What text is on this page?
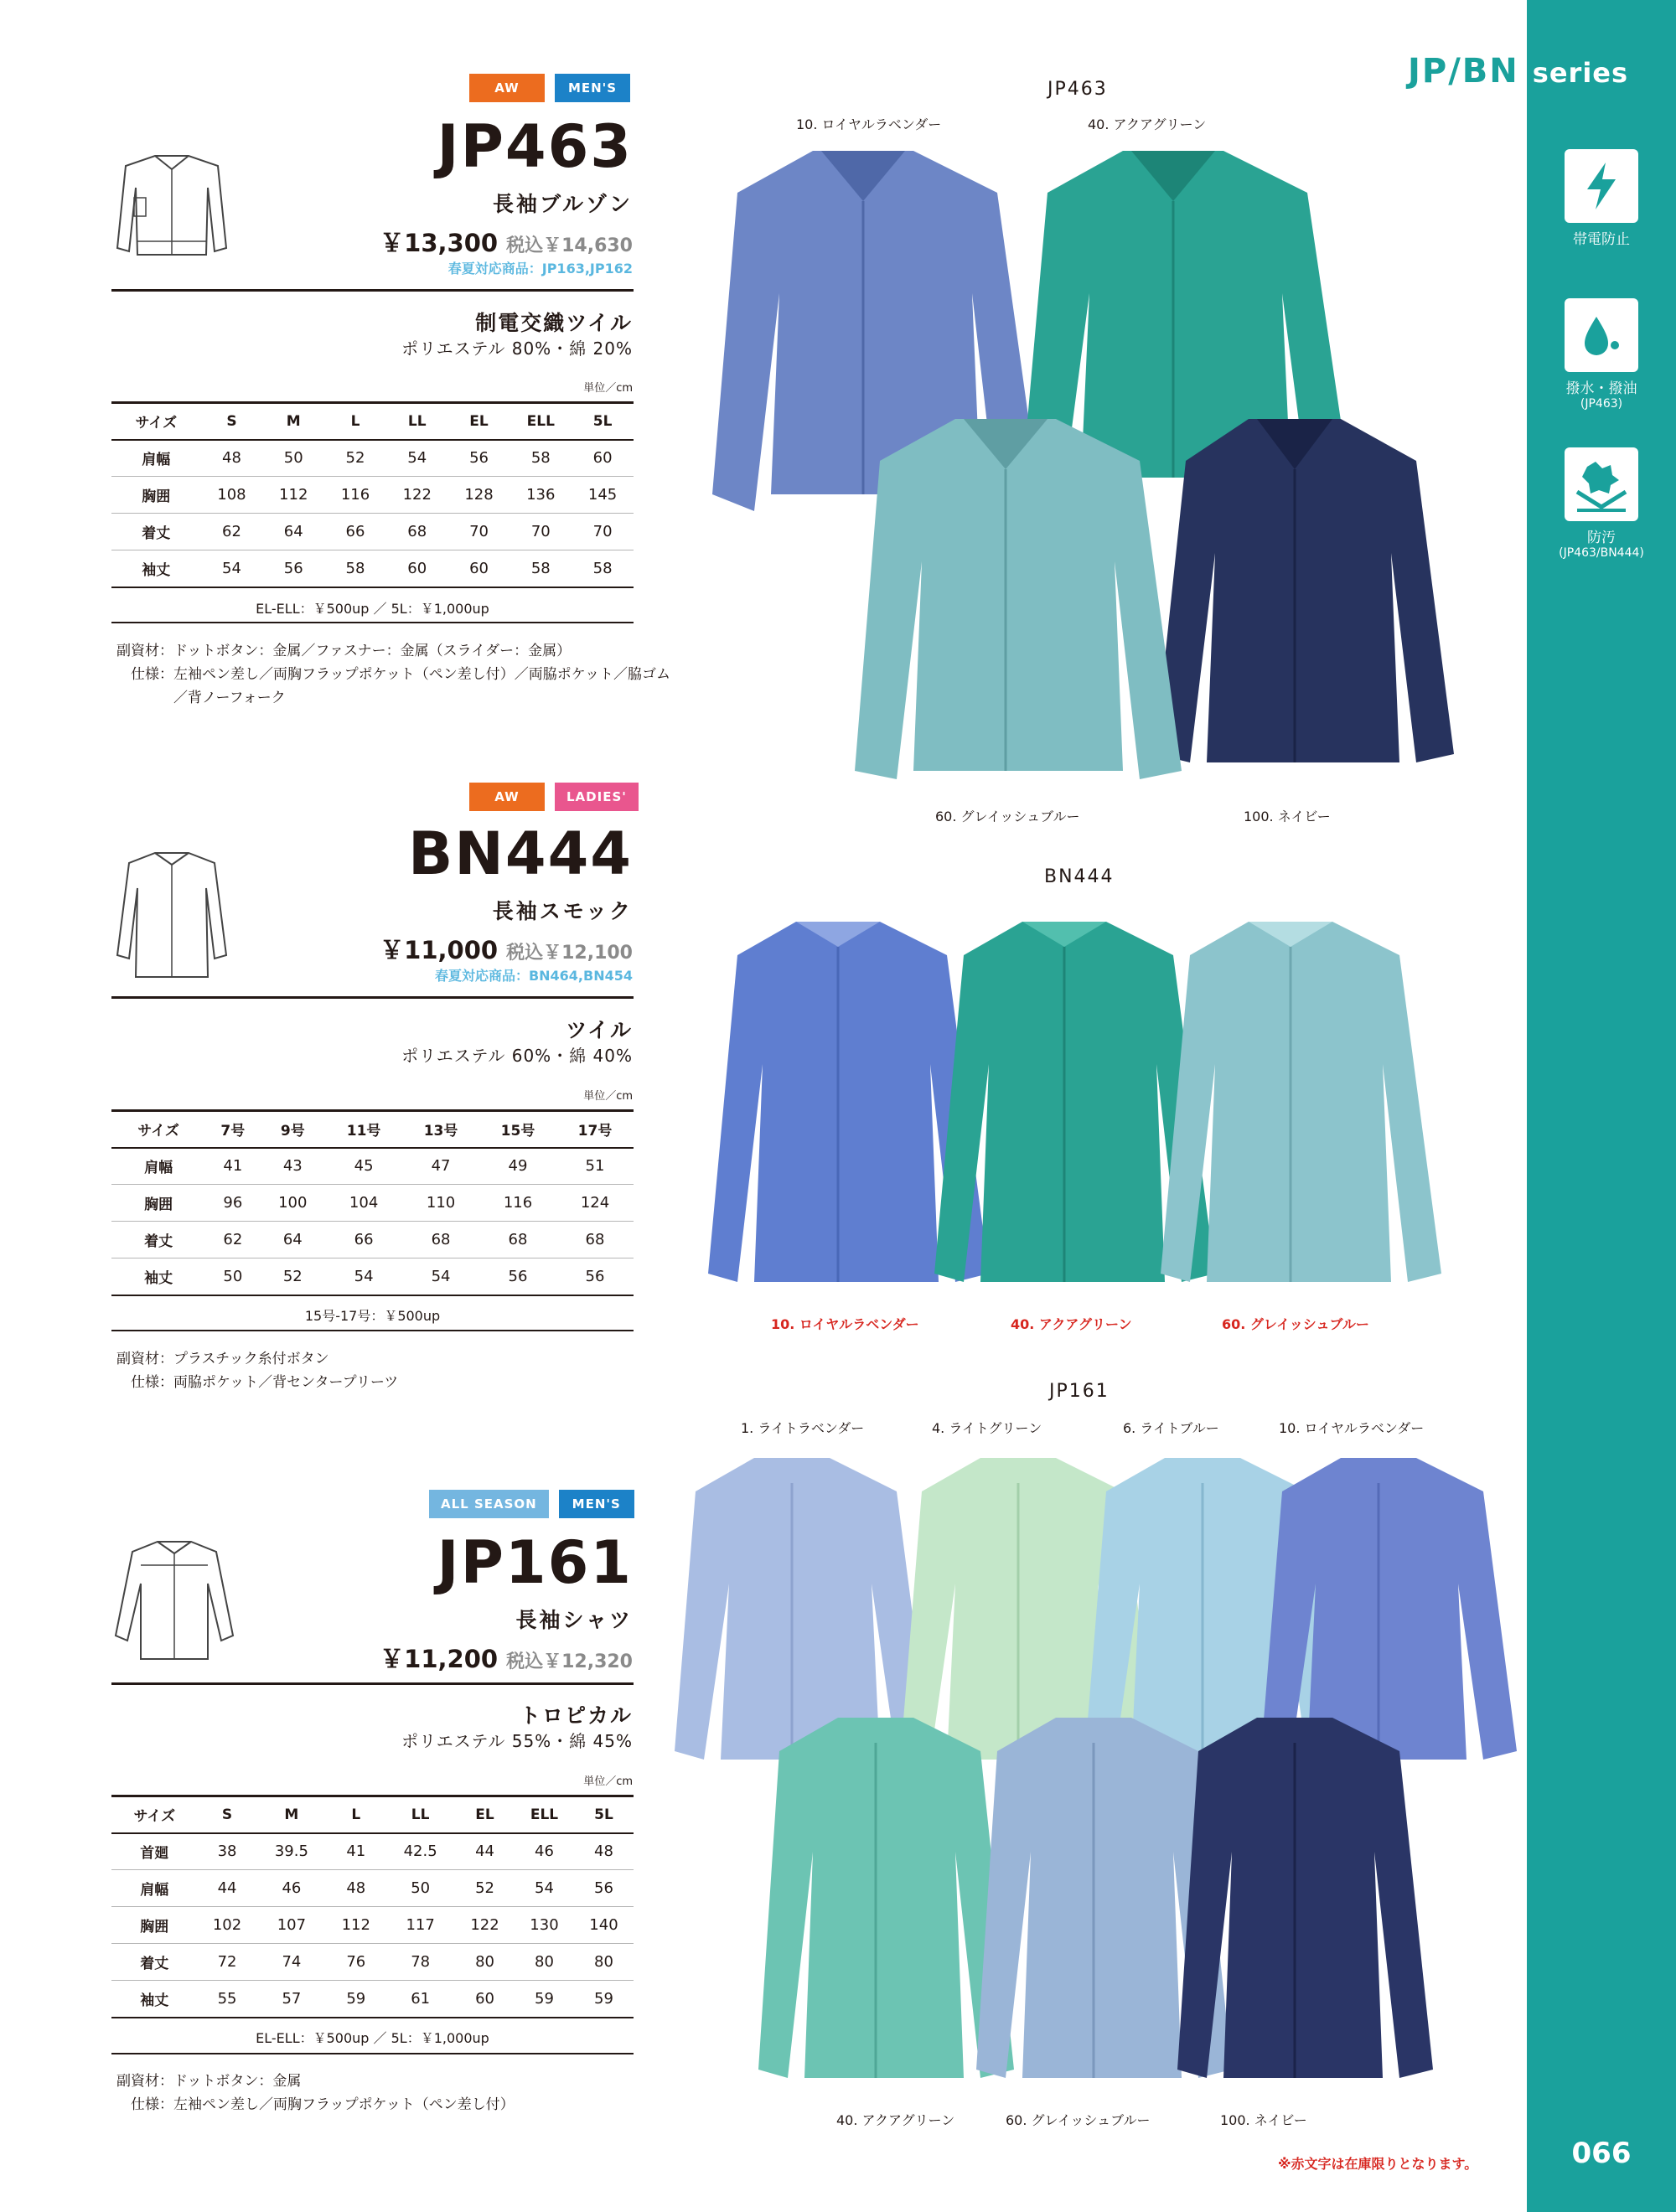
JP/BN series
帯電防止
撥水・撥油
(JP463)
防汚
(JP463/BN444)
066
AW	MEN'S
JP463
長袖ブルゾン
￥13,300 税込￥14,630
春夏対応商品：JP163,JP162
制電交織ツイル
ポリエステル 80%・綿 20%
単位／cm
サイズ	S	M	L	LL	EL	ELL	5L
肩幅	48	50	52	54	56	58	60
胸囲	108	112	116	122	128	136	145
着丈	62	64	66	68	70	70	70
袖丈	54	56	58	60	60	58	58
EL-ELL：￥500up ／ 5L：￥1,000up
副資材： ドットボタン：金属／ファスナー：金属（スライダー：金属）
仕様： 左袖ペン差し／両胸フラップポケット（ペン差し付）／両脇ポケット／脇ゴム／背ノーフォーク
AW	LADIES'
BN444
長袖スモック
￥11,000 税込￥12,100
春夏対応商品：BN464,BN454
ツイル
ポリエステル 60%・綿 40%
単位／cm
サイズ	7号	9号	11号	13号	15号	17号
肩幅	41	43	45	47	49	51
胸囲	96	100	104	110	116	124
着丈	62	64	66	68	68	68
袖丈	50	52	54	54	56	56
15号-17号：￥500up
副資材： プラスチック糸付ボタン
仕様： 両脇ポケット／背センタープリーツ
ALL SEASON	MEN'S
JP161
長袖シャツ
￥11,200 税込￥12,320
トロピカル
ポリエステル 55%・綿 45%
単位／cm
サイズ	S	M	L	LL	EL	ELL	5L
首廻	38	39.5	41	42.5	44	46	48
肩幅	44	46	48	50	52	54	56
胸囲	102	107	112	117	122	130	140
着丈	72	74	76	78	80	80	80
袖丈	55	57	59	61	60	59	59
EL-ELL：￥500up ／ 5L：￥1,000up
副資材： ドットボタン：金属
仕様： 左袖ペン差し／両胸フラップポケット（ペン差し付）
JP463
10. ロイヤルラベンダー	40. アクアグリーン
60. グレイッシュブルー	100. ネイビー
BN444
10. ロイヤルラベンダー	40. アクアグリーン	60. グレイッシュブルー
JP161
1. ライトラベンダー	4. ライトグリーン	6. ライトブルー	10. ロイヤルラベンダー
40. アクアグリーン	60. グレイッシュブルー	100. ネイビー
※赤文字は在庫限りとなります。
